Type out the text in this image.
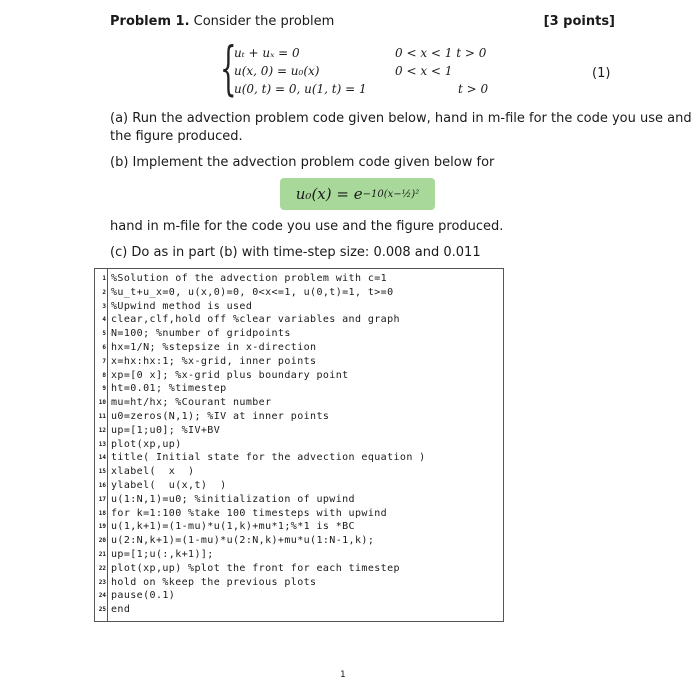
Problem 1. Consider the problem	[3 points]
{
uₜ + uₓ = 0	0 < x < 1 t > 0
u(x, 0) = u₀(x)	0 < x < 1
u(0, t) = 0, u(1, t) = 1	t > 0
(1)
(a) Run the advection problem code given below, hand in m-file for the code you use and
the figure produced.
(b) Implement the advection problem code given below for
u₀(x) = e −10(x−½)²
hand in m-file for the code you use and the figure produced.
(c) Do as in part (b) with time-step size: 0.008 and 0.011
1 %Solution of the advection problem with c=1
2 %u_t+u_x=0, u(x,0)=0, 0<x<=1, u(0,t)=1, t>=0
3 %Upwind method is used
4 clear,clf,hold off %clear variables and graph
5 N=100; %number of gridpoints
6 hx=1/N; %stepsize in x-direction
7 x=hx:hx:1; %x-grid, inner points
8 xp=[0 x]; %x-grid plus boundary point
9 ht=0.01; %timestep
10 mu=ht/hx; %Courant number
11 u0=zeros(N,1); %IV at inner points
12 up=[1;u0]; %IV+BV
13 plot(xp,up)
14 title( Initial state for the advection equation )
15 xlabel(  x  )
16 ylabel(  u(x,t)  )
17 u(1:N,1)=u0; %initialization of upwind
18 for k=1:100 %take 100 timesteps with upwind
19 u(1,k+1)=(1-mu)*u(1,k)+mu*1;%*1 is *BC
20 u(2:N,k+1)=(1-mu)*u(2:N,k)+mu*u(1:N-1,k);
21 up=[1;u(:,k+1)];
22 plot(xp,up) %plot the front for each timestep
23 hold on %keep the previous plots
24 pause(0.1)
25 end
1
